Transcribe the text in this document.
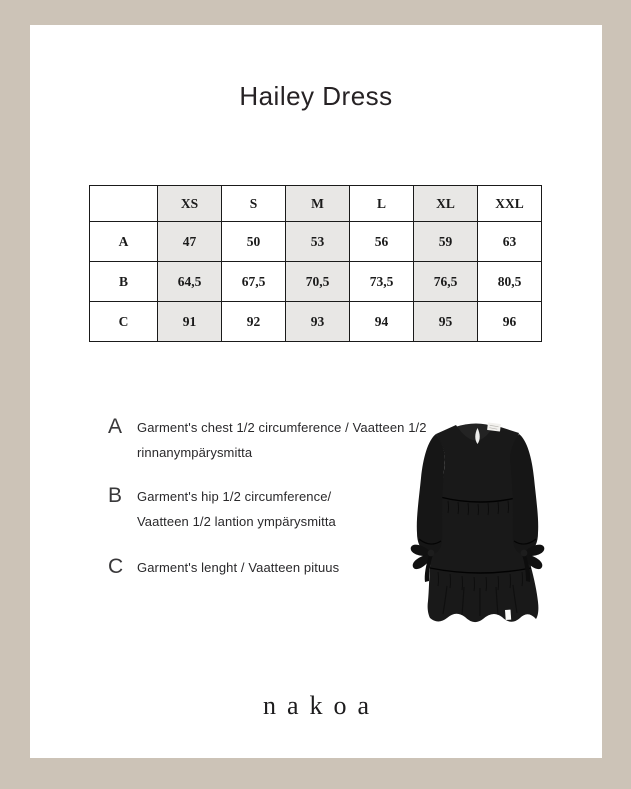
Hailey Dress
	XS	S	M	L	XL	XXL
A	47	50	53	56	59	63
B	64,5	67,5	70,5	73,5	76,5	80,5
C	91	92	93	94	95	96
A	Garment's chest 1/2 circumference / Vaatteen 1/2
rinnanympärysmitta
B	Garment's hip 1/2 circumference/
Vaatteen 1/2 lantion ympärysmitta
C	Garment's lenght / Vaatteen pituus
nakoa
